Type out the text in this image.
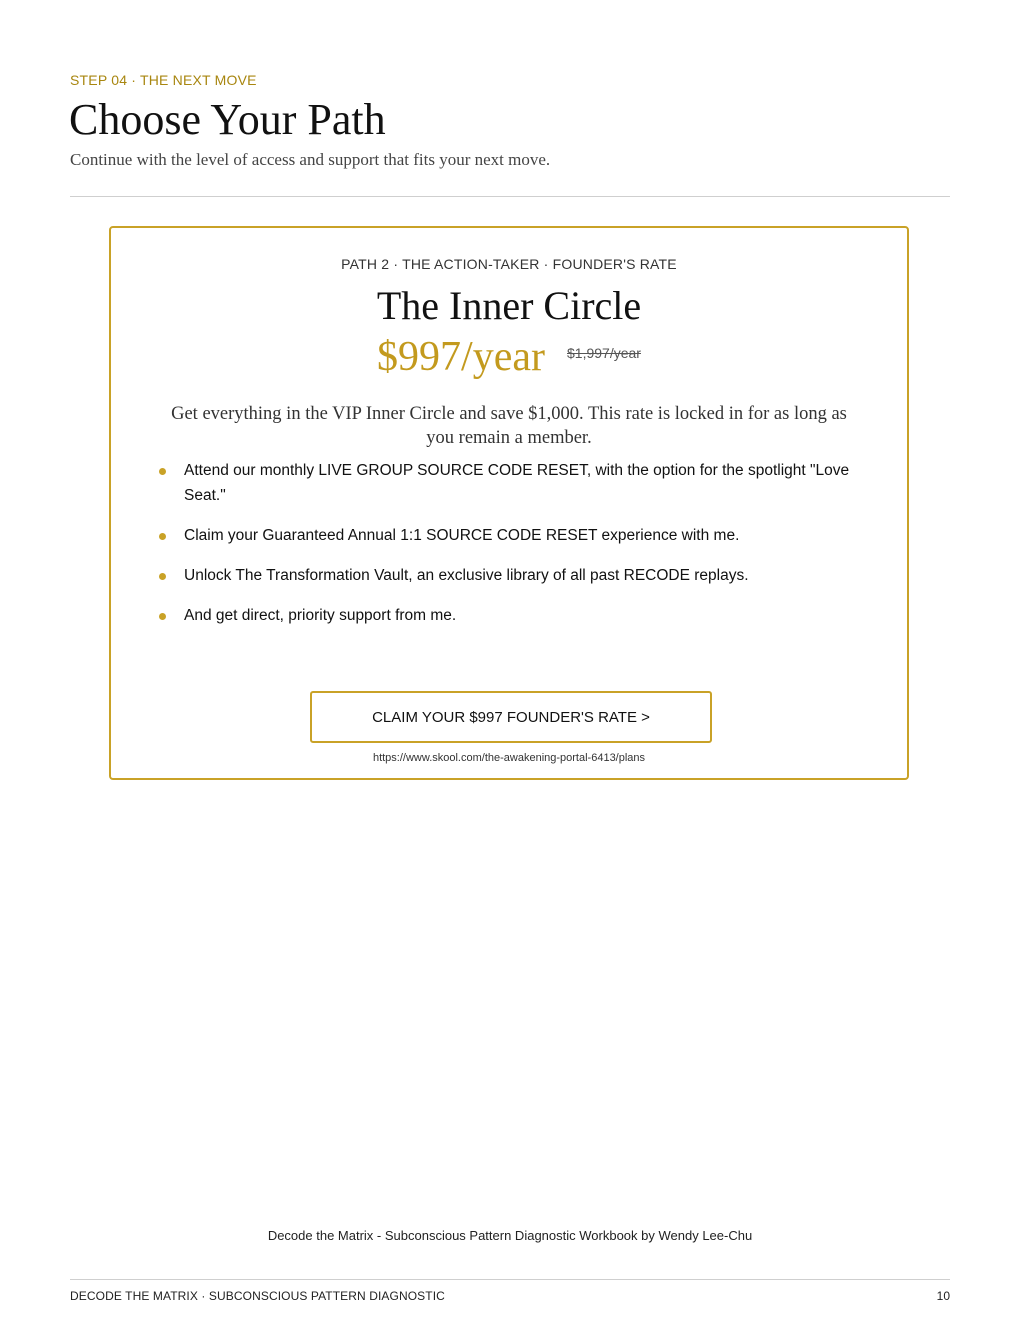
STEP 04 · THE NEXT MOVE
Choose Your Path
Continue with the level of access and support that fits your next move.
PATH 2 · THE ACTION-TAKER · FOUNDER'S RATE
The Inner Circle
$997/year $1,997/year
Get everything in the VIP Inner Circle and save $1,000. This rate is locked in for as long as you remain a member.
Attend our monthly LIVE GROUP SOURCE CODE RESET, with the option for the spotlight "Love Seat."
Claim your Guaranteed Annual 1:1 SOURCE CODE RESET experience with me.
Unlock The Transformation Vault, an exclusive library of all past RECODE replays.
And get direct, priority support from me.
CLAIM YOUR $997 FOUNDER'S RATE >
https://www.skool.com/the-awakening-portal-6413/plans
Decode the Matrix - Subconscious Pattern Diagnostic Workbook by Wendy Lee-Chu
DECODE THE MATRIX · SUBCONSCIOUS PATTERN DIAGNOSTIC	10
